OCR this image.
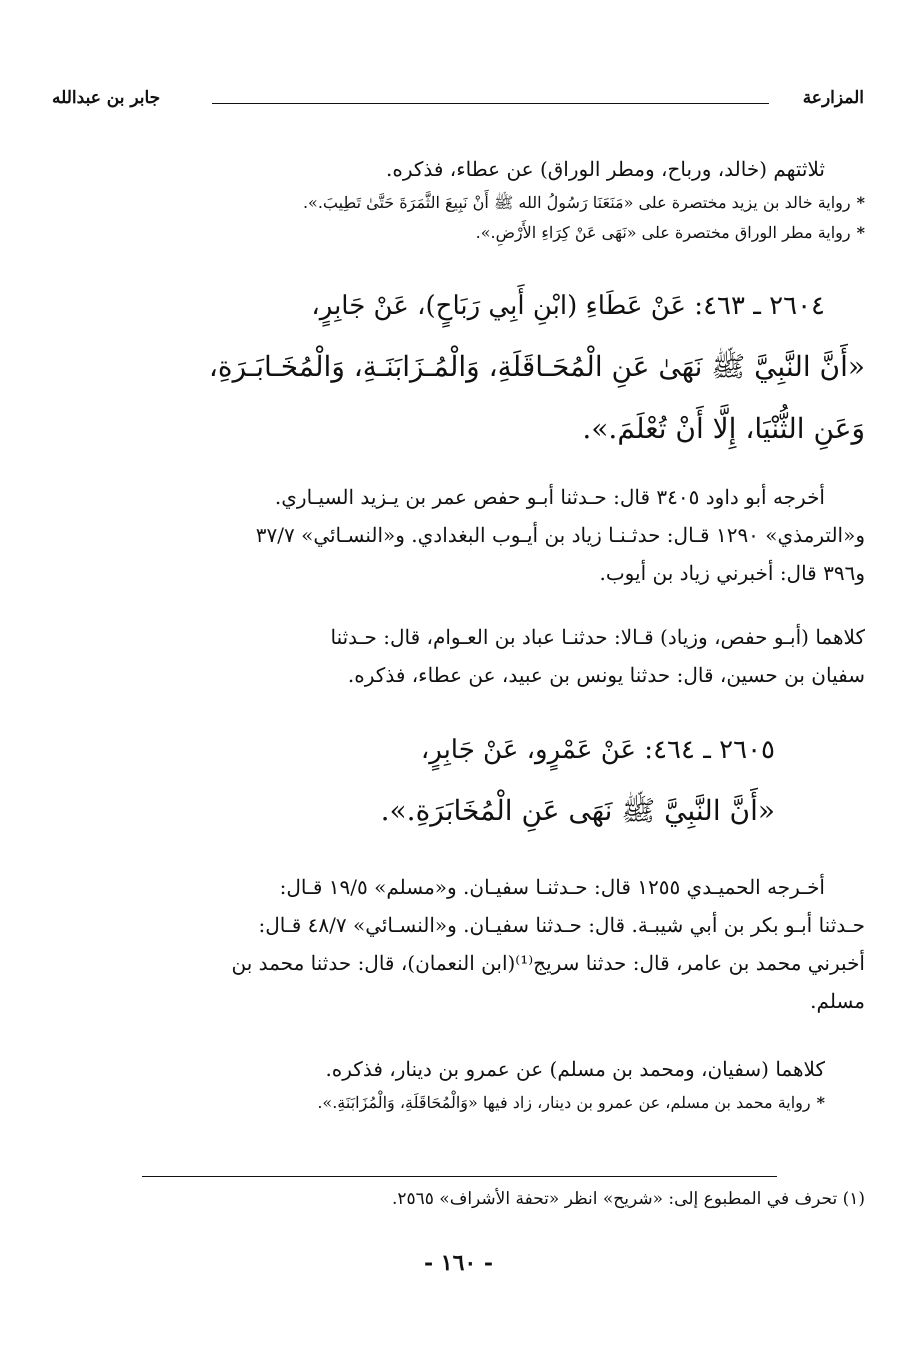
المزارعة
جابر بن عبدالله
ثلاثتهم (خالد، ورباح، ومطر الوراق) عن عطاء، فذكره.
*رواية خالد بن يزيد مختصرة على «مَنَعَنَا رَسُولُ الله ﷺ أَنْ نَبِيعَ الثَّمَرَةَ حَتَّىٰ تَطِيبَ.».
*رواية مطر الوراق مختصرة على «نَهَى عَنْ كِرَاءِ الأَرْضِ.».
٢٦٠٤ ـ ٤٦٣: عَنْ عَطَاءِ (ابْنِ أَبِي رَبَاحٍ)، عَنْ جَابِرٍ،
«أَنَّ النَّبِيَّ ﷺ نَهَىٰ عَنِ الْمُحَـاقَلَةِ، وَالْمُـزَابَنَـةِ، وَالْمُخَـابَـرَةِ،
وَعَنِ الثُّنْيَا، إِلَّا أَنْ تُعْلَمَ.».
أخرجه أبو داود ٣٤٠٥ قال: حـدثنا أبـو حفص عمر بن يـزيد السيـاري.
و«الترمذي» ١٢٩٠ قـال: حدثـنـا زياد بن أيـوب البغدادي. و«النسـائي» ٣٧/٧
و٣٩٦ قال: أخبرني زياد بن أيوب.
كلاهما (أبـو حفص، وزياد) قـالا: حدثنـا عباد بن العـوام، قال: حـدثنا
سفيان بن حسين، قال: حدثنا يونس بن عبيد، عن عطاء، فذكره.
٢٦٠٥ ـ ٤٦٤: عَنْ عَمْرٍو، عَنْ جَابِرٍ،
«أَنَّ النَّبِيَّ ﷺ نَهَى عَنِ الْمُخَابَرَةِ.».
أخـرجه الحميـدي ١٢٥٥ قال: حـدثنـا سفيـان. و«مسلم» ١٩/٥ قـال:
حـدثنا أبـو بكر بن أبي شيبـة. قال: حـدثنا سفيـان. و«النسـائي» ٤٨/٧ قـال:
أخبرني محمد بن عامر، قال: حدثنا سريج⁽¹⁾(ابن النعمان)، قال: حدثنا محمد بن
مسلم.
كلاهما (سفيان، ومحمد بن مسلم) عن عمرو بن دينار، فذكره.
*رواية محمد بن مسلم، عن عمرو بن دينار، زاد فيها «وَالْمُحَاقَلَةِ، وَالْمُزَابَنَةِ.».
(١) تحرف في المطبوع إلى: «شريح» انظر «تحفة الأشراف» ٢٥٦٥.
- ١٦٠ -
